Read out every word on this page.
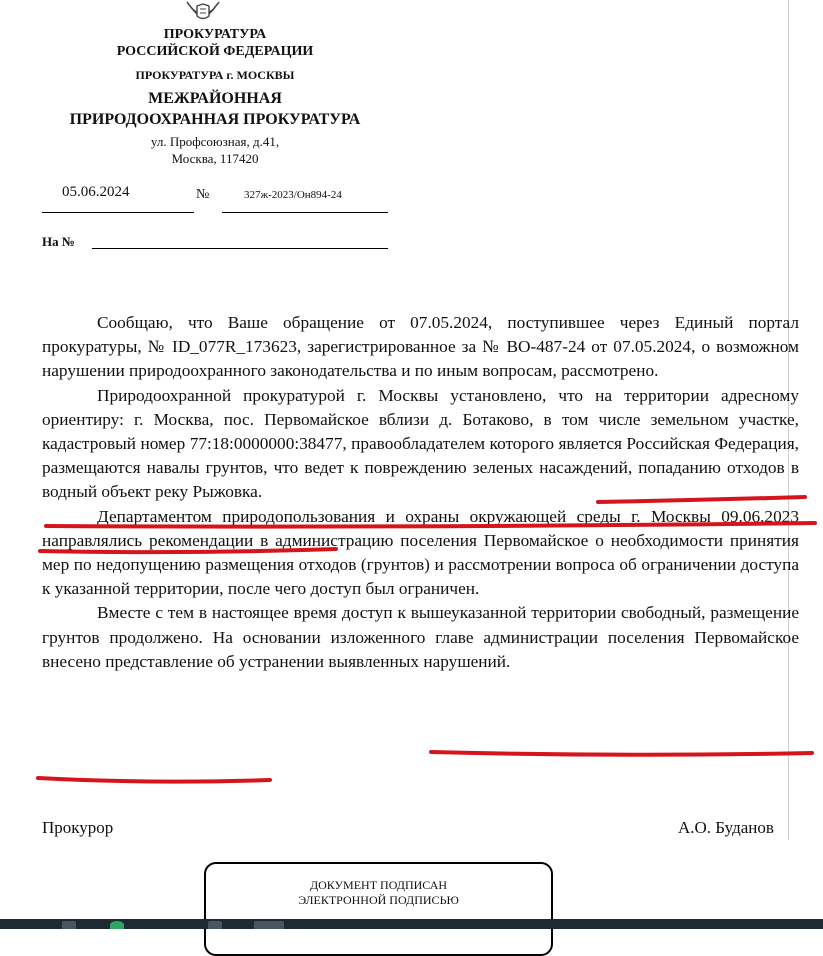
ПРОКУРАТУРА
РОССИЙСКОЙ ФЕДЕРАЦИИ
ПРОКУРАТУРА г. МОСКВЫ
МЕЖРАЙОННАЯ
ПРИРОДООХРАННАЯ ПРОКУРАТУРА
ул. Профсоюзная, д.41,
Москва, 117420
05.06.2024	№	327ж-2023/Он894-24
На №

Сообщаю, что Ваше обращение от 07.05.2024, поступившее через Единый портал прокуратуры, № ID_077R_173623, зарегистрированное за № ВО-487-24 от 07.05.2024, о возможном нарушении природоохранного законодательства и по иным вопросам, рассмотрено.

Природоохранной прокуратурой г. Москвы установлено, что на территории адресному ориентиру: г. Москва, пос. Первомайское вблизи д. Ботаково, в том числе земельном участке, кадастровый номер 77:18:0000000:38477, правообладателем которого является Российская Федерация, размещаются навалы грунтов, что ведет к повреждению зеленых насаждений, попаданию отходов в водный объект реку Рыжовка.

Департаментом природопользования и охраны окружающей среды г. Москвы 09.06.2023 направлялись рекомендации в администрацию поселения Первомайское о необходимости принятия мер по недопущению размещения отходов (грунтов) и рассмотрении вопроса об ограничении доступа к указанной территории, после чего доступ был ограничен.

Вместе с тем в настоящее время доступ к вышеуказанной территории свободный, размещение грунтов продолжено. На основании изложенного главе администрации поселения Первомайское внесено представление об устранении выявленных нарушений.

Прокурор	А.О. Буданов
ДОКУМЕНТ ПОДПИСАН
ЭЛЕКТРОННОЙ ПОДПИСЬЮ
